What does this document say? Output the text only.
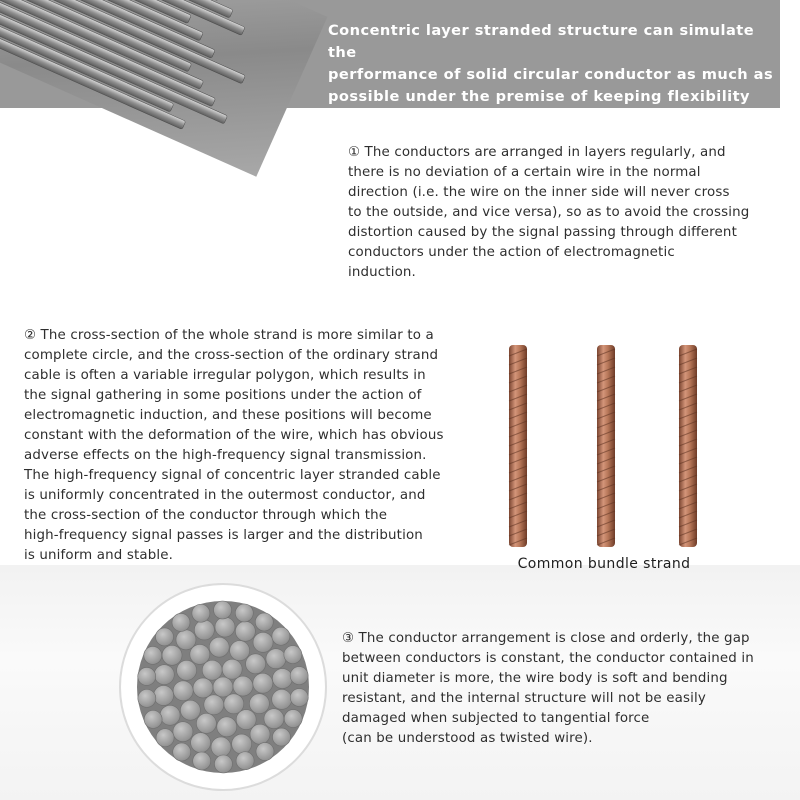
Concentric layer stranded structure can simulate the
performance of solid circular conductor as much as
possible under the premise of keeping flexibility
① The conductors are arranged in layers regularly, and
there is no deviation of a certain wire in the normal
direction (i.e. the wire on the inner side will never cross
to the outside, and vice versa), so as to avoid the crossing
distortion caused by the signal passing through different
conductors under the action of electromagnetic
induction.
② The cross-section of the whole strand is more similar to a
complete circle, and the cross-section of the ordinary strand
cable is often a variable irregular polygon, which results in
the signal gathering in some positions under the action of
electromagnetic induction, and these positions will become
constant with the deformation of the wire, which has obvious
adverse effects on the high-frequency signal transmission.
The high-frequency signal of concentric layer stranded cable
is uniformly concentrated in the outermost conductor, and
the cross-section of the conductor through which the
high-frequency signal passes is larger and the distribution
is uniform and stable.
Common bundle strand
③ The conductor arrangement is close and orderly, the gap
between conductors is constant, the conductor contained in
unit diameter is more, the wire body is soft and bending
resistant, and the internal structure will not be easily
damaged when subjected to tangential force
(can be understood as twisted wire).
